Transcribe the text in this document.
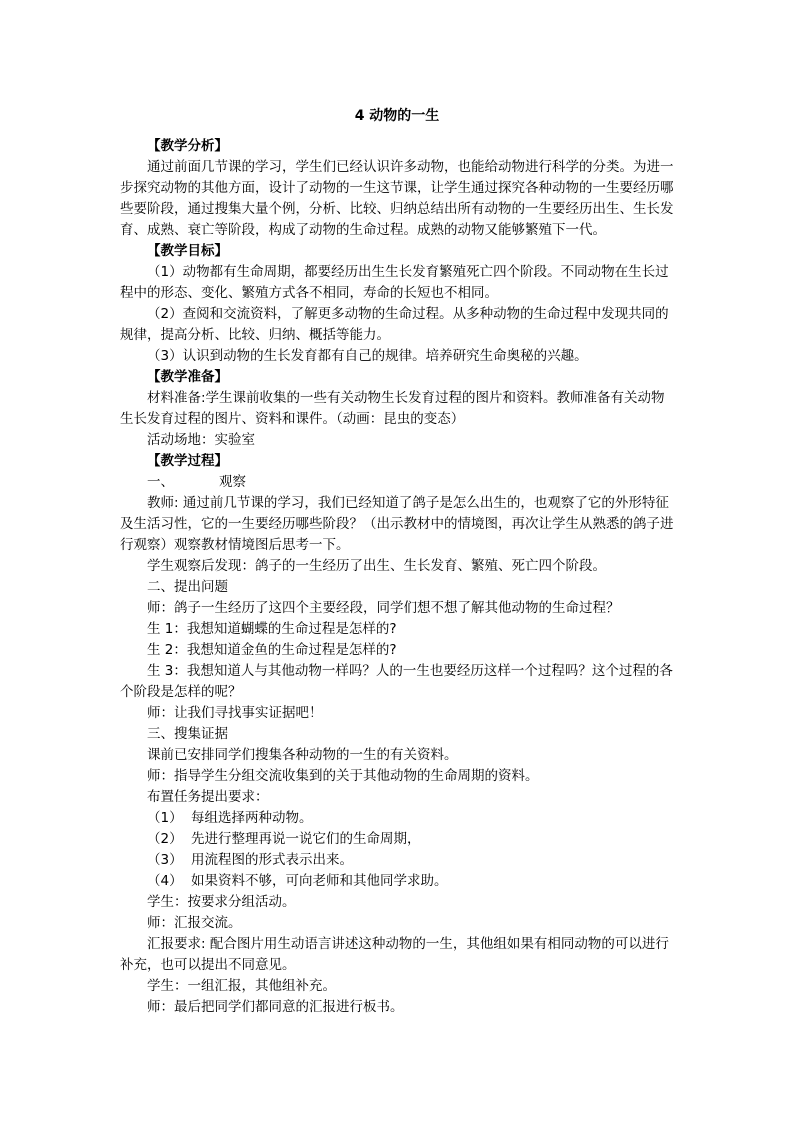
4 动物的一生

【教学分析】

通过前面几节课的学习，学生们已经认识许多动物，也能给动物进行科学的分类。为进一步探究动物的其他方面，设计了动物的一生这节课，让学生通过探究各种动物的一生要经历哪些要阶段，通过搜集大量个例，分析、比较、归纳总结出所有动物的一生要经历出生、生长发育、成熟、衰亡等阶段，构成了动物的生命过程。成熟的动物又能够繁殖下一代。

【教学目标】

（1）动物都有生命周期，都要经历出生生长发育繁殖死亡四个阶段。不同动物在生长过程中的形态、变化、繁殖方式各不相同，寿命的长短也不相同。

（2）查阅和交流资料，了解更多动物的生命过程。从多种动物的生命过程中发现共同的规律，提高分析、比较、归纳、概括等能力。

（3）认识到动物的生长发育都有自己的规律。培养研究生命奥秘的兴趣。

【教学准备】

材料准备:学生课前收集的一些有关动物生长发育过程的图片和资料。教师准备有关动物生长发育过程的图片、资料和课件。（动画：昆虫的变态）

活动场地：实验室

【教学过程】

一、	观察

教师: 通过前几节课的学习，我们已经知道了鸽子是怎么出生的，也观察了它的外形特征及生活习性，它的一生要经历哪些阶段？（出示教材中的情境图，再次让学生从熟悉的鸽子进行观察）观察教材情境图后思考一下。

学生观察后发现：鸽子的一生经历了出生、生长发育、繁殖、死亡四个阶段。

二、提出问题

师：鸽子一生经历了这四个主要经段，同学们想不想了解其他动物的生命过程？

生 1：我想知道蝴蝶的生命过程是怎样的?

生 2：我想知道金鱼的生命过程是怎样的?

生 3：我想知道人与其他动物一样吗？人的一生也要经历这样一个过程吗？这个过程的各个阶段是怎样的呢？

师：让我们寻找事实证据吧！

三、搜集证据

课前已安排同学们搜集各种动物的一生的有关资料。

师：指导学生分组交流收集到的关于其他动物的生命周期的资料。

布置任务提出要求：

（1） 每组选择两种动物。
（2） 先进行整理再说一说它们的生命周期，
（3） 用流程图的形式表示出来。
（4） 如果资料不够，可向老师和其他同学求助。

学生：按要求分组活动。

师：汇报交流。

汇报要求: 配合图片用生动语言讲述这种动物的一生，其他组如果有相同动物的可以进行补充，也可以提出不同意见。

学生：一组汇报，其他组补充。

师：最后把同学们都同意的汇报进行板书。
